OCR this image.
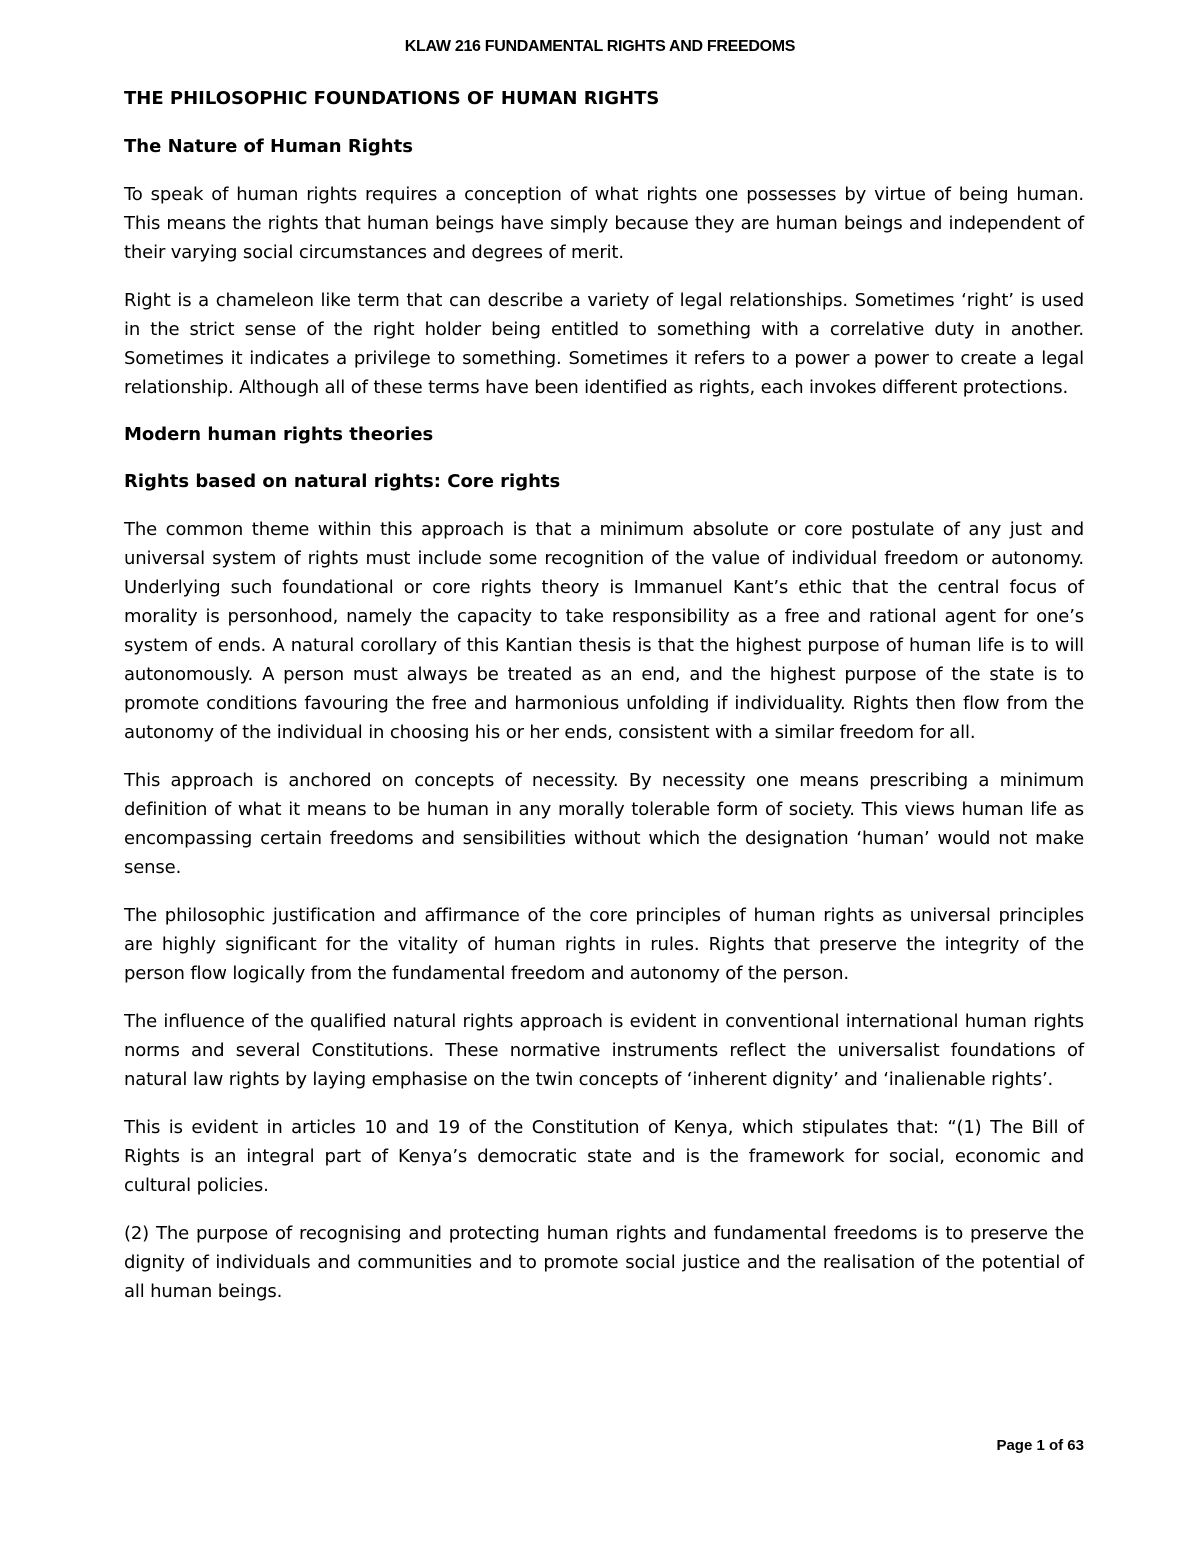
KLAW 216 FUNDAMENTAL RIGHTS AND FREEDOMS
THE PHILOSOPHIC FOUNDATIONS OF HUMAN RIGHTS
The Nature of Human Rights

To speak of human rights requires a conception of what rights one possesses by virtue of being human. This means the rights that human beings have simply because they are human beings and independent of their varying social circumstances and degrees of merit.

Right is a chameleon like term that can describe a variety of legal relationships. Sometimes ‘right’ is used in the strict sense of the right holder being entitled to something with a correlative duty in another. Sometimes it indicates a privilege to something. Sometimes it refers to a power a power to create a legal relationship. Although all of these terms have been identified as rights, each invokes different protections.

Modern human rights theories
Rights based on natural rights: Core rights

The common theme within this approach is that a minimum absolute or core postulate of any just and universal system of rights must include some recognition of the value of individual freedom or autonomy. Underlying such foundational or core rights theory is Immanuel Kant’s ethic that the central focus of morality is personhood, namely the capacity to take responsibility as a free and rational agent for one’s system of ends. A natural corollary of this Kantian thesis is that the highest purpose of human life is to will autonomously. A person must always be treated as an end, and the highest purpose of the state is to promote conditions favouring the free and harmonious unfolding if individuality. Rights then flow from the autonomy of the individual in choosing his or her ends, consistent with a similar freedom for all.

This approach is anchored on concepts of necessity. By necessity one means prescribing a minimum definition of what it means to be human in any morally tolerable form of society. This views human life as encompassing certain freedoms and sensibilities without which the designation ‘human’ would not make sense.

The philosophic justification and affirmance of the core principles of human rights as universal principles are highly significant for the vitality of human rights in rules. Rights that preserve the integrity of the person flow logically from the fundamental freedom and autonomy of the person.

The influence of the qualified natural rights approach is evident in conventional international human rights norms and several Constitutions. These normative instruments reflect the universalist foundations of natural law rights by laying emphasise on the twin concepts of ‘inherent dignity’ and ‘inalienable rights’.

This is evident in articles 10 and 19 of the Constitution of Kenya, which stipulates that: “(1) The Bill of Rights is an integral part of Kenya’s democratic state and is the framework for social, economic and cultural policies.

(2) The purpose of recognising and protecting human rights and fundamental freedoms is to preserve the dignity of individuals and communities and to promote social justice and the realisation of the potential of all human beings.

Page 1 of 63
